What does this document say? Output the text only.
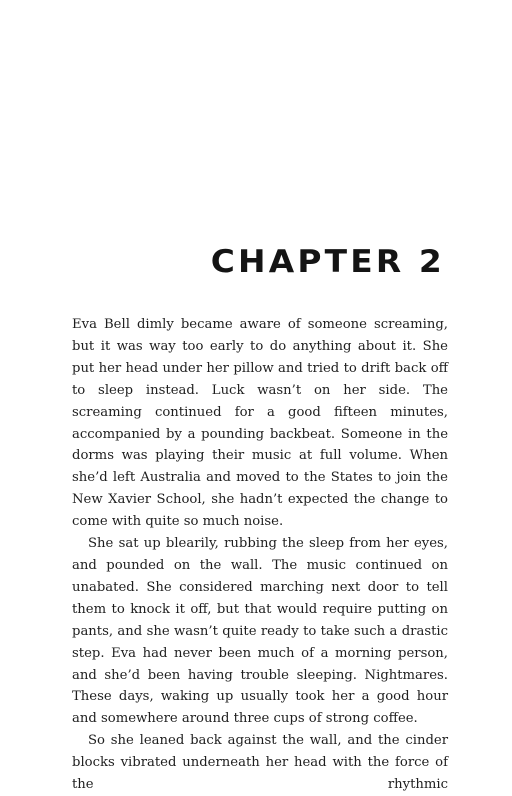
CHAPTER 2

Eva Bell dimly became aware of someone screaming, but it was way too early to do anything about it. She put her head under her pillow and tried to drift back off to sleep instead. Luck wasn’t on her side. The screaming continued for a good fifteen minutes, accompanied by a pounding backbeat. Someone in the dorms was playing their music at full volume. When she’d left Australia and moved to the States to join the New Xavier School, she hadn’t expected the change to come with quite so much noise.

She sat up blearily, rubbing the sleep from her eyes, and pounded on the wall. The music continued on unabated. She considered marching next door to tell them to knock it off, but that would require putting on pants, and she wasn’t quite ready to take such a drastic step. Eva had never been much of a morning person, and she’d been having trouble sleeping. Nightmares. These days, waking up usually took her a good hour and somewhere around three cups of strong coffee.

So she leaned back against the wall, and the cinder blocks vibrated underneath her head with the force of the rhythmic
